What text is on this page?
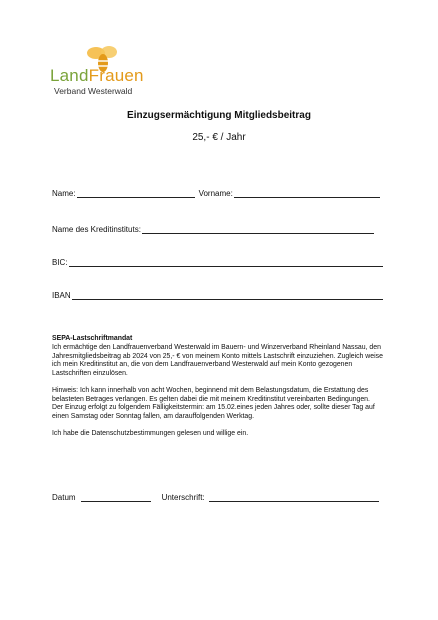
LandFrauen
Verband Westerwald
Einzugsermächtigung Mitgliedsbeitrag
25,- € / Jahr
Name:	Vorname:
Name des Kreditinstituts:
BIC:
IBAN

SEPA-Lastschriftmandat

Ich ermächtige den Landfrauenverband Westerwald im Bauern- und Winzerverband Rheinland Nassau, den Jahresmitgliedsbeitrag ab 2024 von 25,- € von meinem Konto mittels Lastschrift einzuziehen. Zugleich weise ich mein Kreditinstitut an, die von dem Landfrauenverband Westerwald auf mein Konto gezogenen Lastschriften einzulösen.

Hinweis: Ich kann innerhalb von acht Wochen, beginnend mit dem Belastungsdatum, die Erstattung des belasteten Betrages verlangen. Es gelten dabei die mit meinem Kreditinstitut vereinbarten Bedingungen.

Der Einzug erfolgt zu folgendem Fälligkeitstermin: am 15.02.eines jeden Jahres oder, sollte dieser Tag auf einen Samstag oder Sonntag fallen, am darauffolgenden Werktag.

Ich habe die Datenschutzbestimmungen gelesen und willige ein.

Datum	Unterschrift:
